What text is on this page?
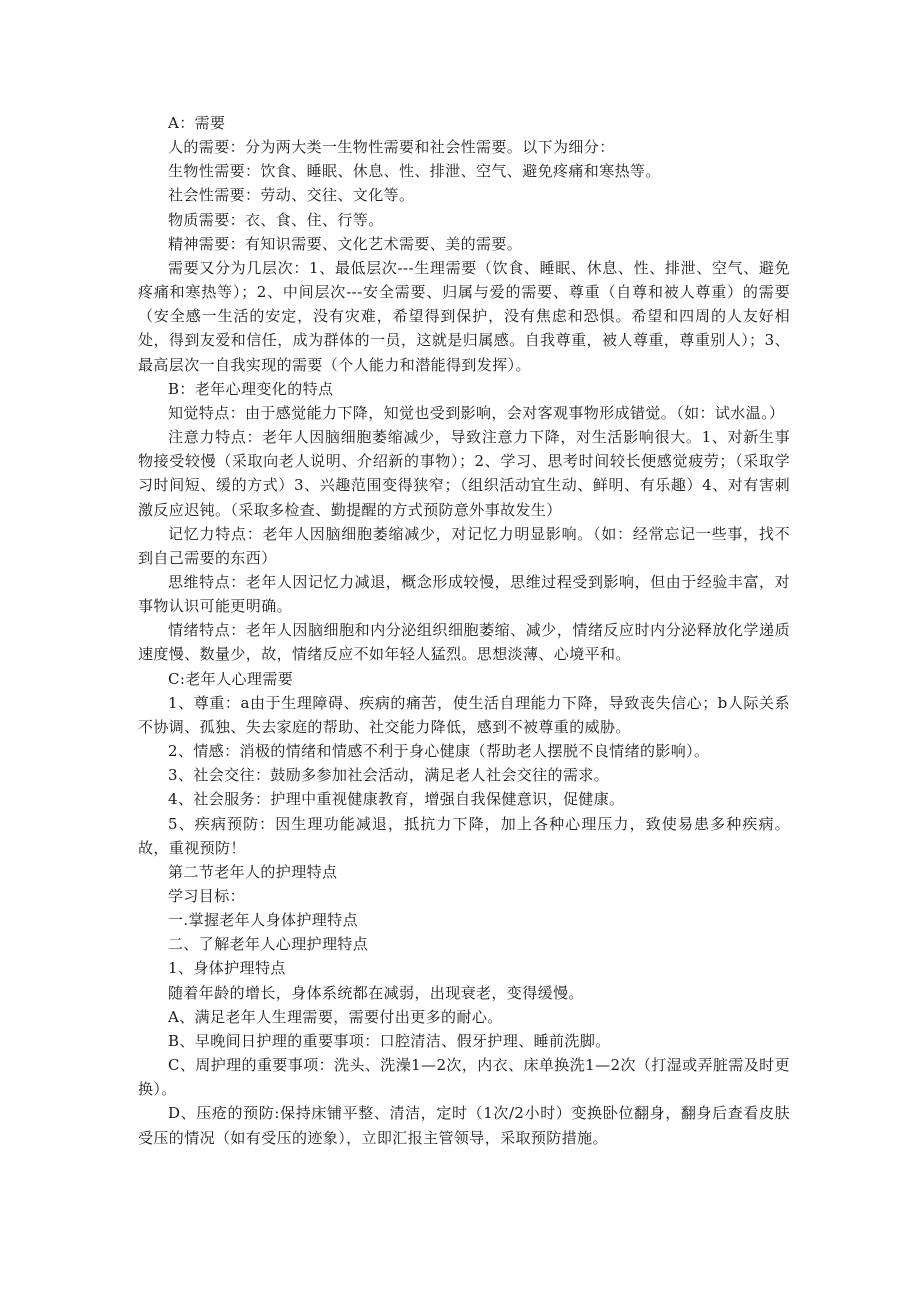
A：需要

人的需要：分为两大类一生物性需要和社会性需要。以下为细分：

生物性需要：饮食、睡眠、休息、性、排泄、空气、避免疼痛和寒热等。

社会性需要：劳动、交往、文化等。

物质需要：衣、食、住、行等。

精神需要：有知识需要、文化艺术需要、美的需要。

需要又分为几层次：1、最低层次---生理需要（饮食、睡眠、休息、性、排泄、空气、避免疼痛和寒热等）；2、中间层次---安全需要、归属与爱的需要、尊重（自尊和被人尊重）的需要（安全感一生活的安定，没有灾难，希望得到保护，没有焦虑和恐惧。希望和四周的人友好相处，得到友爱和信任，成为群体的一员，这就是归属感。自我尊重，被人尊重，尊重别人）；3、最高层次一自我实现的需要（个人能力和潜能得到发挥）。

B：老年心理变化的特点

知觉特点：由于感觉能力下降，知觉也受到影响，会对客观事物形成错觉。（如：试水温。）

注意力特点：老年人因脑细胞萎缩减少，导致注意力下降，对生活影响很大。1、对新生事物接受较慢（采取向老人说明、介绍新的事物）；2、学习、思考时间较长便感觉疲劳；（采取学习时间短、缓的方式）3、兴趣范围变得狭窄；（组织活动宜生动、鲜明、有乐趣）4、对有害刺激反应迟钝。（采取多检查、勤提醒的方式预防意外事故发生）

记忆力特点：老年人因脑细胞萎缩减少，对记忆力明显影响。（如：经常忘记一些事，找不到自己需要的东西）

思维特点：老年人因记忆力减退，概念形成较慢，思维过程受到影响，但由于经验丰富，对事物认识可能更明确。

情绪特点：老年人因脑细胞和内分泌组织细胞萎缩、减少，情绪反应时内分泌释放化学递质速度慢、数量少，故，情绪反应不如年轻人猛烈。思想淡薄、心境平和。

C:老年人心理需要

1、尊重：a由于生理障碍、疾病的痛苦，使生活自理能力下降，导致丧失信心；b人际关系不协调、孤独、失去家庭的帮助、社交能力降低，感到不被尊重的威胁。

2、情感：消极的情绪和情感不利于身心健康（帮助老人摆脱不良情绪的影响）。

3、社会交往：鼓励多参加社会活动，满足老人社会交往的需求。

4、社会服务：护理中重视健康教育，增强自我保健意识，促健康。

5、疾病预防：因生理功能减退，抵抗力下降，加上各种心理压力，致使易患多种疾病。故，重视预防！

第二节老年人的护理特点

学习目标：

一.掌握老年人身体护理特点

二、了解老年人心理护理特点

1、身体护理特点

随着年龄的增长，身体系统都在减弱，出现衰老，变得缓慢。

A、满足老年人生理需要，需要付出更多的耐心。

B、早晚间日护理的重要事项：口腔清洁、假牙护理、睡前洗脚。

C、周护理的重要事项：洗头、洗澡1—2次，内衣、床单换洗1—2次（打湿或弄脏需及时更换）。

D、压疮的预防:保持床铺平整、清洁，定时（1次/2小时）变换卧位翻身，翻身后查看皮肤受压的情况（如有受压的迹象），立即汇报主管领导，采取预防措施。
